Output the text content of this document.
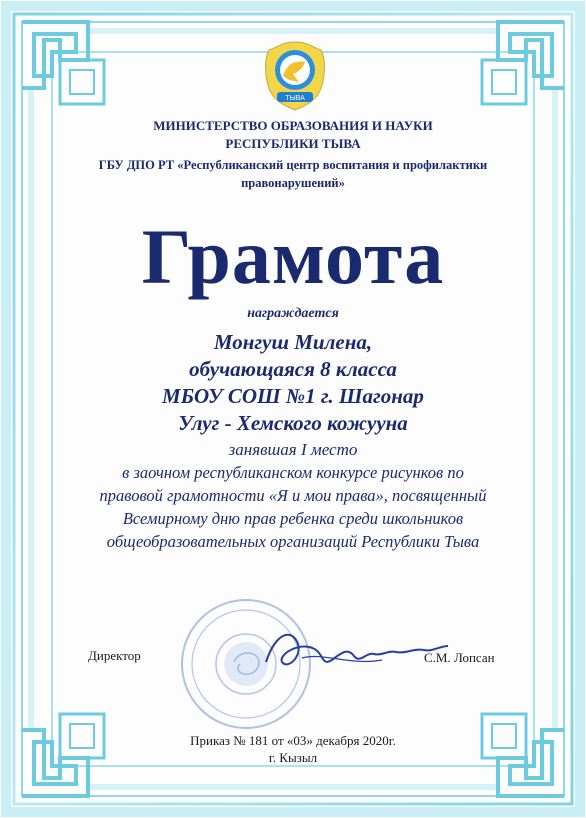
ТЫВА

МИНИСТЕРСТВО ОБРАЗОВАНИЯ И НАУКИ

РЕСПУБЛИКИ ТЫВА

ГБУ ДПО РТ «Республиканский центр воспитания и профилактики

правонарушений»

Грамота

награждается

Монгуш Милена,

обучающаяся 8 класса

МБОУ СОШ №1 г. Шагонар

Улуг - Хемского кожууна

занявшая I место

в заочном республиканском конкурсе рисунков по

правовой грамотности «Я и мои права», посвященный

Всемирному дню прав ребенка среди школьников

общеобразовательных организаций Республики Тыва

Директор	С.М. Лопсан

Приказ № 181 от «03» декабря 2020г.

г. Кызыл
